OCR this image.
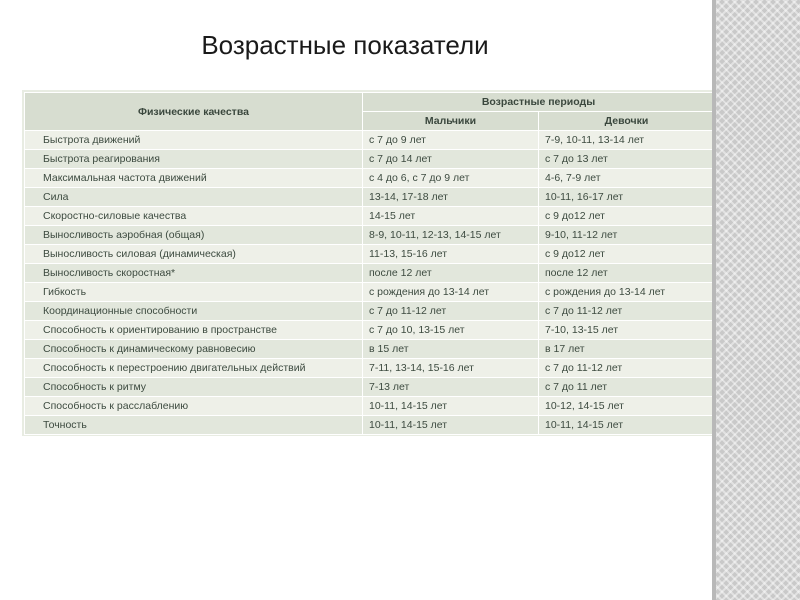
Возрастные показатели
Физические качества	Возрастные периоды	
	Мальчики	Девочки
Быстрота движений	с 7 до 9 лет	7-9, 10-11, 13-14 лет
Быстрота реагирования	с 7 до 14 лет	с 7 до 13 лет
Максимальная частота движений	с 4 до 6, с 7 до 9 лет	4-6, 7-9 лет
Сила	13-14, 17-18 лет	10-11, 16-17 лет
Скоростно-силовые качества	14-15 лет	с 9 до12 лет
Выносливость аэробная (общая)	8-9, 10-11, 12-13, 14-15 лет	9-10, 11-12 лет
Выносливость силовая (динамическая)	11-13, 15-16 лет	с 9 до12 лет
Выносливость скоростная*	после 12 лет	после 12 лет
Гибкость	с рождения до 13-14 лет	с рождения до 13-14 лет
Координационные способности	с 7 до 11-12 лет	с 7 до 11-12 лет
Способность к ориентированию в пространстве	с 7 до 10, 13-15 лет	7-10, 13-15 лет
Способность к динамическому равновесию	в 15 лет	в 17 лет
Способность к перестроению двигательных действий	7-11, 13-14, 15-16 лет	с 7 до 11-12 лет
Способность к ритму	7-13 лет	с 7 до 11 лет
Способность к расслаблению	10-11, 14-15 лет	10-12, 14-15 лет
Точность	10-11, 14-15 лет	10-11, 14-15 лет
